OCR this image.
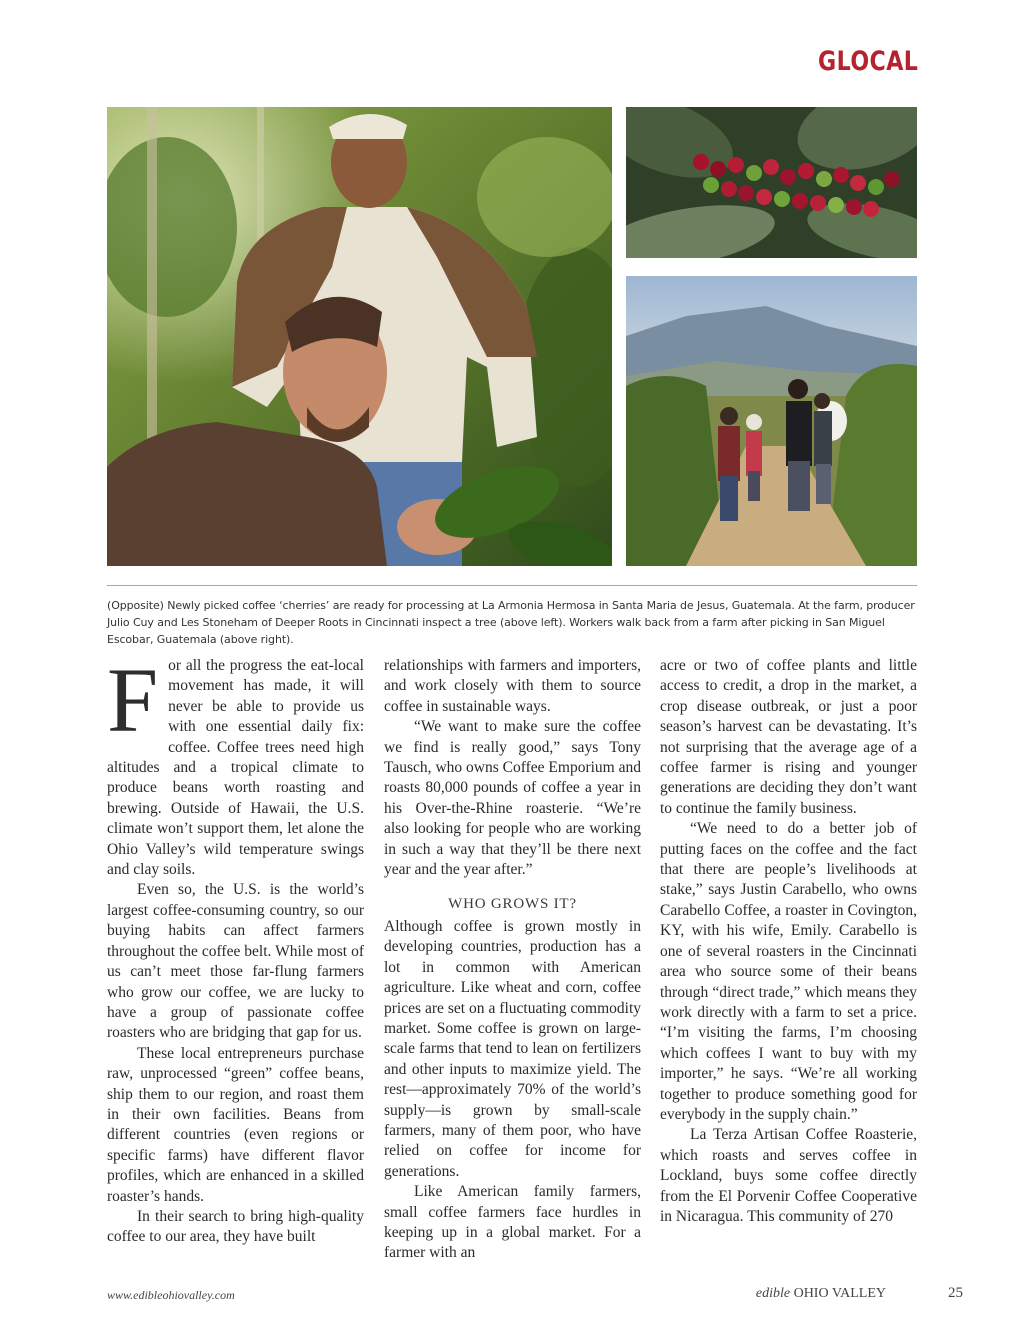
GLOCAL
(Opposite) Newly picked coffee ‘cherries’ are ready for processing at La Armonia Hermosa in Santa Maria de Jesus, Guatemala. At the farm, producer Julio Cuy and Les Stoneham of Deeper Roots in Cincinnati inspect a tree (above left). Workers walk back from a farm after picking in San Miguel Escobar, Guatemala (above right).

For all the progress the eat-local movement has made, it will never be able to provide us with one essential daily fix: coffee. Coffee trees need high altitudes and a tropical climate to produce beans worth roasting and brewing. Outside of Hawaii, the U.S. climate won’t support them, let alone the Ohio Valley’s wild temperature swings and clay soils.

Even so, the U.S. is the world’s largest coffee-consuming country, so our buying habits can affect farmers throughout the coffee belt. While most of us can’t meet those far-flung farmers who grow our coffee, we are lucky to have a group of passionate coffee roasters who are bridging that gap for us.

These local entrepreneurs purchase raw, unprocessed “green” coffee beans, ship them to our region, and roast them in their own facilities. Beans from different countries (even regions or specific farms) have different flavor profiles, which are enhanced in a skilled roaster’s hands.

In their search to bring high-quality coffee to our area, they have built

relationships with farmers and importers, and work closely with them to source coffee in sustainable ways.

“We want to make sure the coffee we find is really good,” says Tony Tausch, who owns Coffee Emporium and roasts 80,000 pounds of coffee a year in his Over-the-Rhine roasterie. “We’re also looking for people who are working in such a way that they’ll be there next year and the year after.”

WHO GROWS IT?

Although coffee is grown mostly in developing countries, production has a lot in common with American agriculture. Like wheat and corn, coffee prices are set on a fluctuating commodity market. Some coffee is grown on large-scale farms that tend to lean on fertilizers and other inputs to maximize yield. The rest—approximately 70% of the world’s supply—is grown by small-scale farmers, many of them poor, who have relied on coffee for income for generations.

Like American family farmers, small coffee farmers face hurdles in keeping up in a global market. For a farmer with an

acre or two of coffee plants and little access to credit, a drop in the market, a crop disease outbreak, or just a poor season’s harvest can be devastating. It’s not surprising that the average age of a coffee farmer is rising and younger generations are deciding they don’t want to continue the family business.

“We need to do a better job of putting faces on the coffee and the fact that there are people’s livelihoods at stake,” says Justin Carabello, who owns Carabello Coffee, a roaster in Covington, KY, with his wife, Emily. Carabello is one of several roasters in the Cincinnati area who source some of their beans through “direct trade,” which means they work directly with a farm to set a price. “I’m visiting the farms, I’m choosing which coffees I want to buy with my importer,” he says. “We’re all working together to produce something good for everybody in the supply chain.”

La Terza Artisan Coffee Roasterie, which roasts and serves coffee in Lockland, buys some coffee directly from the El Porvenir Coffee Cooperative in Nicaragua. This community of 270

www.edibleohiovalley.com	edible OHIO VALLEY	25
